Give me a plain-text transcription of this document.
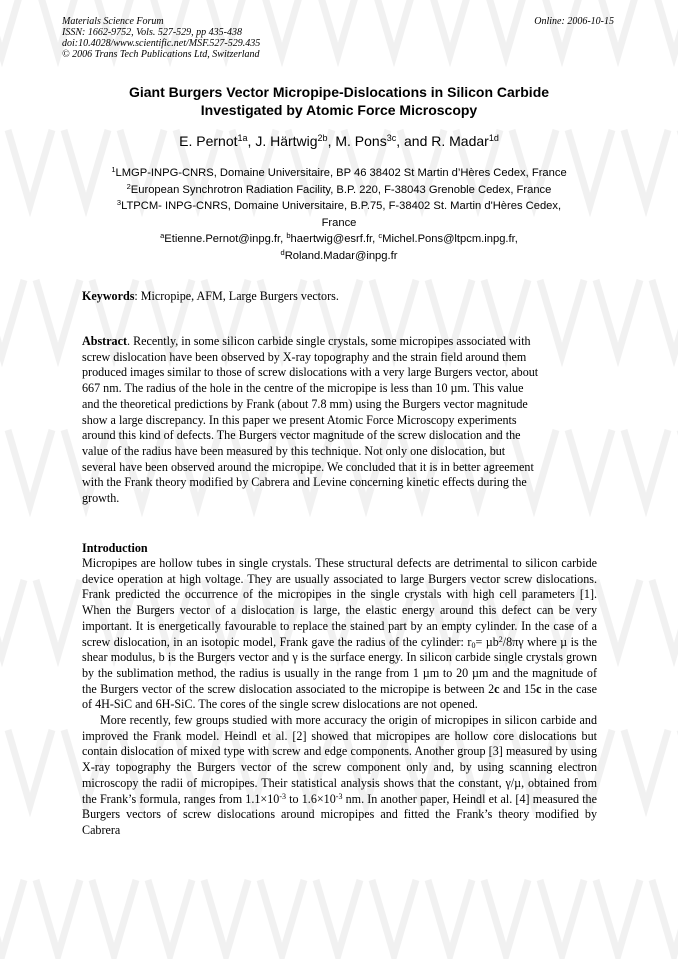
Materials Science Forum
ISSN: 1662-9752, Vols. 527-529, pp 435-438
doi:10.4028/www.scientific.net/MSF.527-529.435
© 2006 Trans Tech Publications Ltd, Switzerland
Online: 2006-10-15
Giant Burgers Vector Micropipe-Dislocations in Silicon Carbide
Investigated by Atomic Force Microscopy
E. Pernot$^{1a}$, J. Härtwig$^{2b}$, M. Pons$^{3c}$, and R. Madar$^{1d}$
$^1$LMGP-INPG-CNRS, Domaine Universitaire, BP 46 38402 St Martin d’Hères Cedex, France
$^2$European Synchrotron Radiation Facility, B.P. 220, F-38043 Grenoble Cedex, France
$^3$LTPCM- INPG-CNRS, Domaine Universitaire, B.P.75, F-38402 St. Martin d'Hères Cedex,
France
$^a$Etienne.Pernot@inpg.fr, $^b$haertwig@esrf.fr, $^c$Michel.Pons@ltpcm.inpg.fr,
$^d$Roland.Madar@inpg.fr
Keywords: Micropipe, AFM, Large Burgers vectors.
Abstract. Recently, in some silicon carbide single crystals, some micropipes associated with
screw dislocation have been observed by X-ray topography and the strain field around them
produced images similar to those of screw dislocations with a very large Burgers vector, about
667 nm. The radius of the hole in the centre of the micropipe is less than 10 µm. This value
and the theoretical predictions by Frank (about 7.8 mm) using the Burgers vector magnitude
show a large discrepancy. In this paper we present Atomic Force Microscopy experiments
around this kind of defects. The Burgers vector magnitude of the screw dislocation and the
value of the radius have been measured by this technique. Not only one dislocation, but
several have been observed around the micropipe. We concluded that it is in better agreement
with the Frank theory modified by Cabrera and Levine concerning kinetic effects during the
growth.
Introduction

Micropipes are hollow tubes in single crystals. These structural defects are detrimental to silicon carbide device operation at high voltage. They are usually associated to large Burgers vector screw dislocations. Frank predicted the occurrence of the micropipes in the single crystals with high cell parameters [1]. When the Burgers vector of a dislocation is large, the elastic energy around this defect can be very important. It is energetically favourable to replace the stained part by an empty cylinder. In the case of a screw dislocation, in an isotopic model, Frank gave the radius of the cylinder: $r_0= \mu b^2/8\pi\gamma$ where µ is the shear modulus, b is the Burgers vector and γ is the surface energy. In silicon carbide single crystals grown by the sublimation method, the radius is usually in the range from 1 µm to 20 µm and the magnitude of the Burgers vector of the screw dislocation associated to the micropipe is between 2c and 15c in the case of 4H-SiC and 6H-SiC. The cores of the single screw dislocations are not opened.

More recently, few groups studied with more accuracy the origin of micropipes in silicon carbide and improved the Frank model. Heindl et al. [2] showed that micropipes are hollow core dislocations but contain dislocation of mixed type with screw and edge components. Another group [3] measured by using X-ray topography the Burgers vector of the screw component only and, by using scanning electron microscopy the radii of micropipes. Their statistical analysis shows that the constant, γ/µ, obtained from the Frank’s formula, ranges from $1.1\times 10^{-3}$ to $1.6\times 10^{-3}$ nm. In another paper, Heindl et al. [4] measured the Burgers vectors of screw dislocations around micropipes and fitted the Frank’s theory modified by Cabrera
